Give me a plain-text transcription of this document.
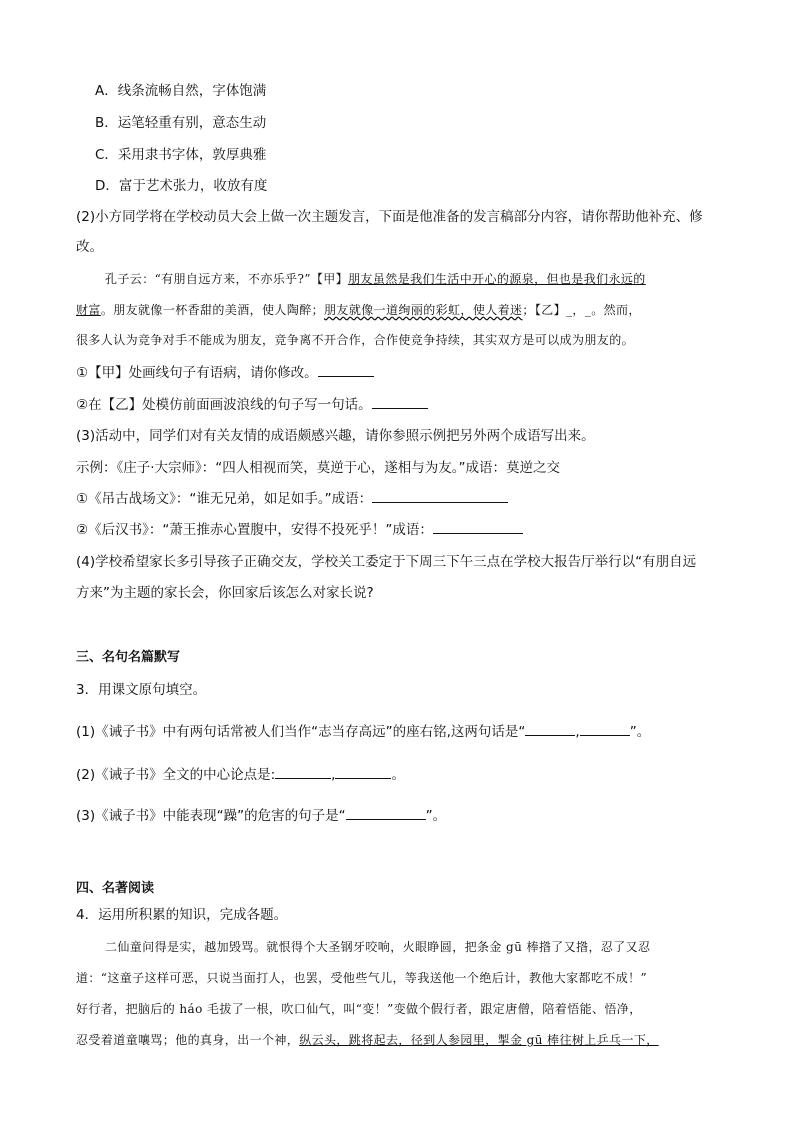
A．线条流畅自然，字体饱满
B．运笔轻重有别，意态生动
C．采用隶书字体，敦厚典雅
D．富于艺术张力，收放有度
(2)小方同学将在学校动员大会上做一次主题发言，下面是他准备的发言稿部分内容，请你帮助他补充、修
改。
孔子云：“有朋自远方来，不亦乐乎?”【甲】朋友虽然是我们生活中开心的源泉，但也是我们永远的
财富。朋友就像一杯香甜的美酒，使人陶醉；朋友就像一道绚丽的彩虹，使人着迷；【乙】_，_。然而，
很多人认为竞争对手不能成为朋友，竞争离不开合作，合作使竞争持续，其实双方是可以成为朋友的。
①【甲】处画线句子有语病，请你修改。
②在【乙】处模仿前面画波浪线的句子写一句话。
(3)活动中，同学们对有关友情的成语颇感兴趣，请你参照示例把另外两个成语写出来。
示例：《庄子·大宗师》：“四人相视而笑，莫逆于心，遂相与为友。”成语：莫逆之交
①《吊古战场文》：“谁无兄弟，如足如手。”成语：
②《后汉书》：“萧王推赤心置腹中，安得不投死乎！”成语：
(4)学校希望家长多引导孩子正确交友，学校关工委定于下周三下午三点在学校大报告厅举行以“有朋自远
方来”为主题的家长会，你回家后该怎么对家长说?
三、名句名篇默写
3．用课文原句填空。
(1)《诫子书》中有两句话常被人们当作“志当存高远”的座右铭,这两句话是“	,	”。
(2)《诫子书》全文的中心论点是:	,	。
(3)《诫子书》中能表现“躁”的危害的句子是“	”。
四、名著阅读
4．运用所积累的知识，完成各题。
二仙童问得是实，越加毁骂。就恨得个大圣钢牙咬响，火眼睁圆，把条金 gū 棒揝了又揝，忍了又忍
道：“这童子这样可恶，只说当面打人，也罢，受他些气儿，等我送他一个绝后计，教他大家都吃不成！”
好行者，把脑后的 háo 毛拔了一根，吹口仙气，叫“变！”变做个假行者，跟定唐僧，陪着悟能、悟净，
忍受着道童嚷骂；他的真身，出一个神，纵云头，跳将起去，径到人参园里，掣金 gū 棒往树上乒乓一下，
